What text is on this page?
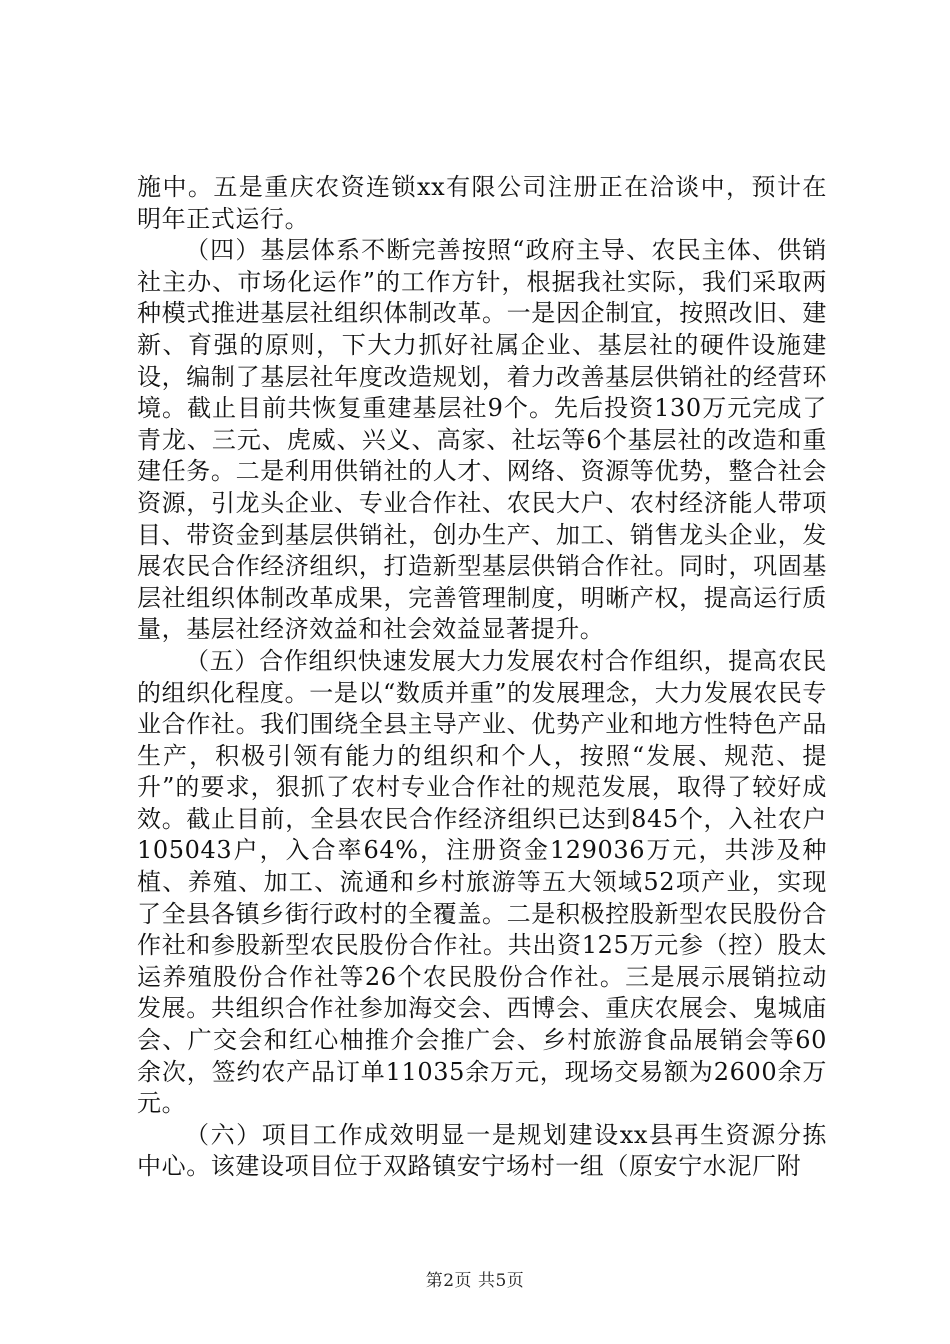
施中。五是重庆农资连锁xx有限公司注册正在洽谈中，预计在明年正式运行。

（四）基层体系不断完善按照“政府主导、农民主体、供销社主办、市场化运作”的工作方针，根据我社实际，我们采取两种模式推进基层社组织体制改革。一是因企制宜，按照改旧、建新、育强的原则，下大力抓好社属企业、基层社的硬件设施建设，编制了基层社年度改造规划，着力改善基层供销社的经营环境。截止目前共恢复重建基层社9个。先后投资130万元完成了青龙、三元、虎威、兴义、高家、社坛等6个基层社的改造和重建任务。二是利用供销社的人才、网络、资源等优势，整合社会资源，引龙头企业、专业合作社、农民大户、农村经济能人带项目、带资金到基层供销社，创办生产、加工、销售龙头企业，发展农民合作经济组织，打造新型基层供销合作社。同时，巩固基层社组织体制改革成果，完善管理制度，明晰产权，提高运行质量，基层社经济效益和社会效益显著提升。

（五）合作组织快速发展大力发展农村合作组织，提高农民的组织化程度。一是以“数质并重”的发展理念，大力发展农民专业合作社。我们围绕全县主导产业、优势产业和地方性特色产品生产，积极引领有能力的组织和个人，按照“发展、规范、提升”的要求，狠抓了农村专业合作社的规范发展，取得了较好成效。截止目前，全县农民合作经济组织已达到845个，入社农户105043户，入合率64%，注册资金129036万元，共涉及种植、养殖、加工、流通和乡村旅游等五大领域52项产业，实现了全县各镇乡街行政村的全覆盖。二是积极控股新型农民股份合作社和参股新型农民股份合作社。共出资125万元参（控）股太运养殖股份合作社等26个农民股份合作社。三是展示展销拉动发展。共组织合作社参加海交会、西博会、重庆农展会、鬼城庙会、广交会和红心柚推介会推广会、乡村旅游食品展销会等60余次，签约农产品订单11035余万元，现场交易额为2600余万元。

（六）项目工作成效明显一是规划建设xx县再生资源分拣中心。该建设项目位于双路镇安宁场村一组（原安宁水泥厂附

第2页 共5页
